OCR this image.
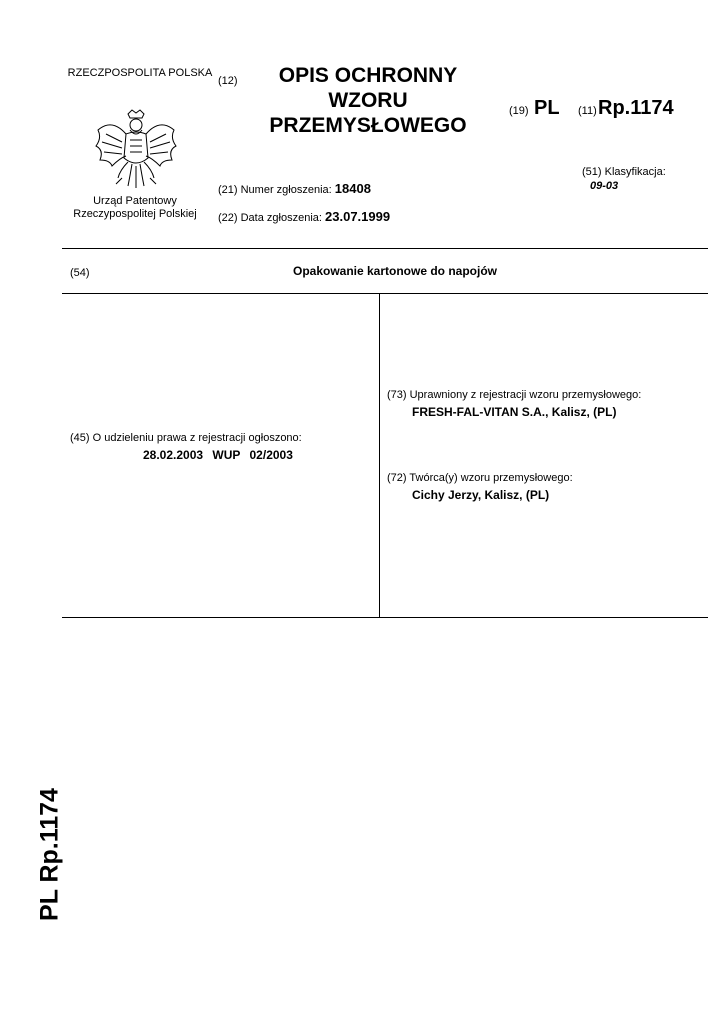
RZECZPOSPOLITA POLSKA
Urząd Patentowy Rzeczypospolitej Polskiej
(12)	OPIS OCHRONNY WZORU PRZEMYSŁOWEGO
(19) PL (11) Rp.1174
(51) Klasyfikacja:
09-03
(21) Numer zgłoszenia: 18408
(22) Data zgłoszenia: 23.07.1999
(54)	Opakowanie kartonowe do napojów
(45) O udzieleniu prawa z rejestracji ogłoszono:
28.02.2003 WUP 02/2003
(73) Uprawniony z rejestracji wzoru przemysłowego:
FRESH-FAL-VITAN S.A., Kalisz, (PL)
(72) Twórca(y) wzoru przemysłowego:
Cichy Jerzy, Kalisz, (PL)
PL Rp.1174
